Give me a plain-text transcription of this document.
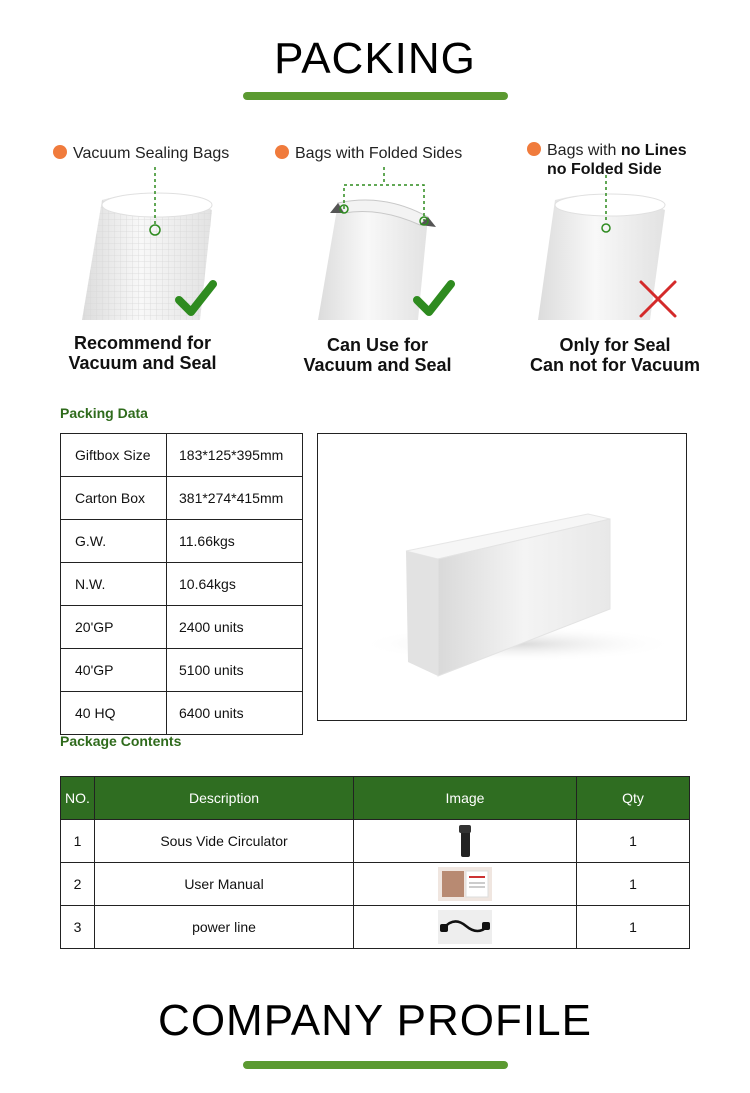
PACKING
Vacuum Sealing Bags
Recommend for
Vacuum and Seal
Bags with Folded Sides
Can Use for
Vacuum and Seal
Bags with no Lines
no Folded Side
Only for Seal
Can not for Vacuum
Packing Data
Giftbox Size	183*125*395mm
Carton Box	381*274*415mm
G.W.	11.66kgs
N.W.	10.64kgs
20'GP	2400 units
40'GP	5100 units
40 HQ	6400 units
Package Contents
NO.	Description	Image	Qty
1	Sous Vide Circulator		1
2	User Manual		1
3	power line		1
COMPANY PROFILE
